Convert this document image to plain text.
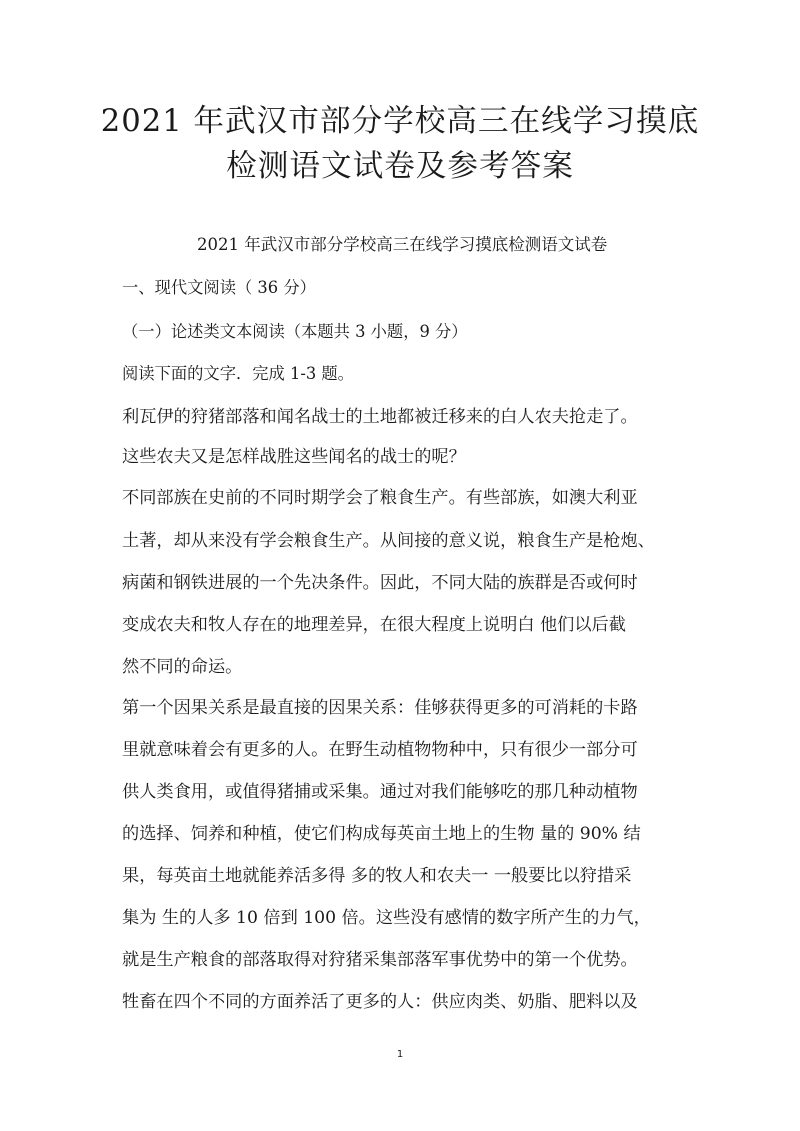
2021 年武汉市部分学校高三在线学习摸底
检测语文试卷及参考答案
2021 年武汉市部分学校高三在线学习摸底检测语文试卷
一、现代文阅读（ 36 分）
（一）论述类文本阅读（本题共 3 小题，9 分）
阅读下面的文字．完成 1-3 题。
利瓦伊的狩猪部落和闻名战士的土地都被迁移来的白人农夫抢走了。
这些农夫又是怎样战胜这些闻名的战士的呢？
不同部族在史前的不同时期学会了粮食生产。有些部族，如澳大利亚
土著，却从来没有学会粮食生产。从间接的意义说，粮食生产是枪炮、
病菌和钢铁进展的一个先决条件。因此，不同大陆的族群是否或何时
变成农夫和牧人存在的地理差异，在很大程度上说明白 他们以后截
然不同的命运。
第一个因果关系是最直接的因果关系：佳够获得更多的可消耗的卡路
里就意味着会有更多的人。在野生动植物物种中，只有很少一部分可
供人类食用，或值得猪捕或采集。通过对我们能够吃的那几种动植物
的选择、饲养和种植，使它们构成每英亩土地上的生物 量的 90% 结
果，每英亩土地就能养活多得 多的牧人和农夫一 一般要比以狩措采
集为 生的人多 10 倍到 100 倍。这些没有感情的数字所产生的力气，
就是生产粮食的部落取得对狩猪采集部落军事优势中的第一个优势。
牲畜在四个不同的方面养活了更多的人：供应肉类、奶脂、肥料以及
1
